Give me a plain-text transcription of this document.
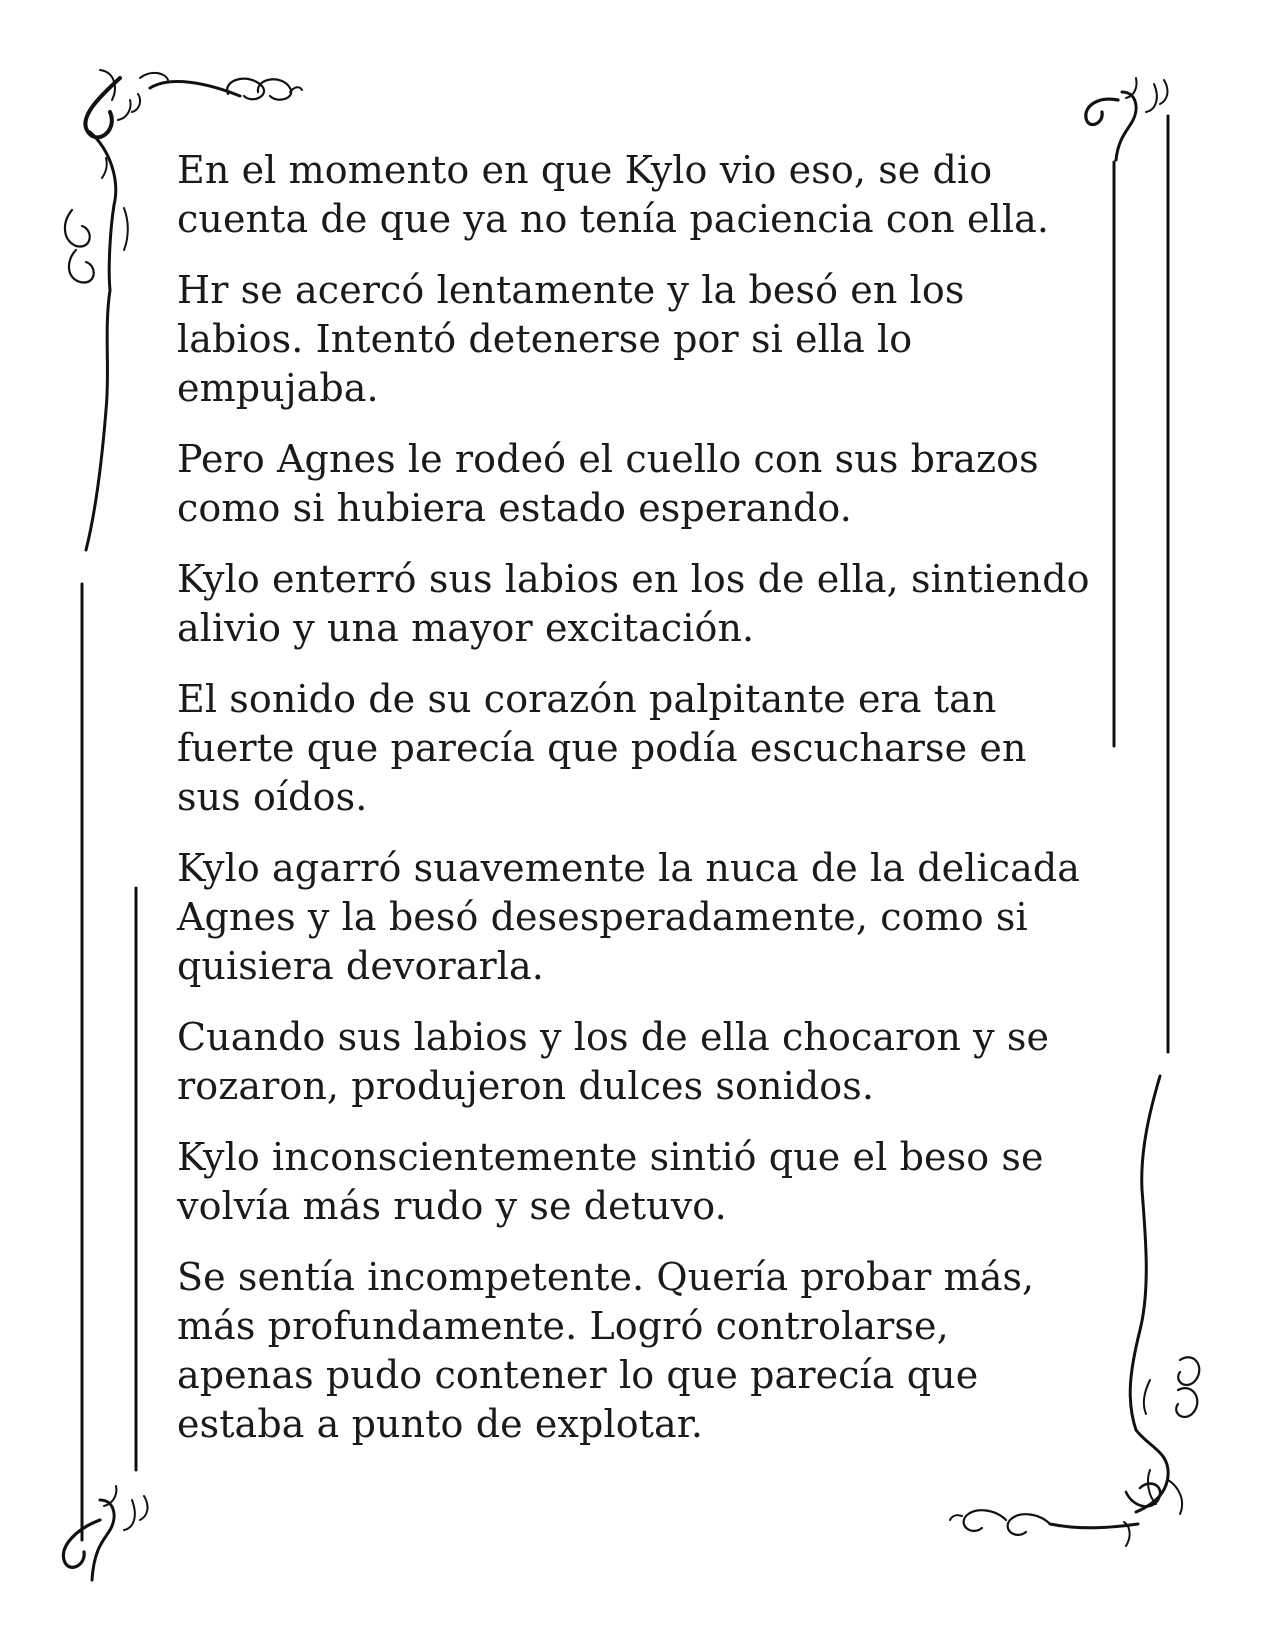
En el momento en que Kylo vio eso, se dio cuenta de que ya no tenía paciencia con ella.

Hr se acercó lentamente y la besó en los labios. Intentó detenerse por si ella lo empujaba.

Pero Agnes le rodeó el cuello con sus brazos como si hubiera estado esperando.

Kylo enterró sus labios en los de ella, sintiendo alivio y una mayor excitación.

El sonido de su corazón palpitante era tan fuerte que parecía que podía escucharse en sus oídos.

Kylo agarró suavemente la nuca de la delicada Agnes y la besó desesperadamente, como si quisiera devorarla.

Cuando sus labios y los de ella chocaron y se rozaron, produjeron dulces sonidos.

Kylo inconscientemente sintió que el beso se volvía más rudo y se detuvo.

Se sentía incompetente. Quería probar más, más profundamente. Logró controlarse, apenas pudo contener lo que parecía que estaba a punto de explotar.
